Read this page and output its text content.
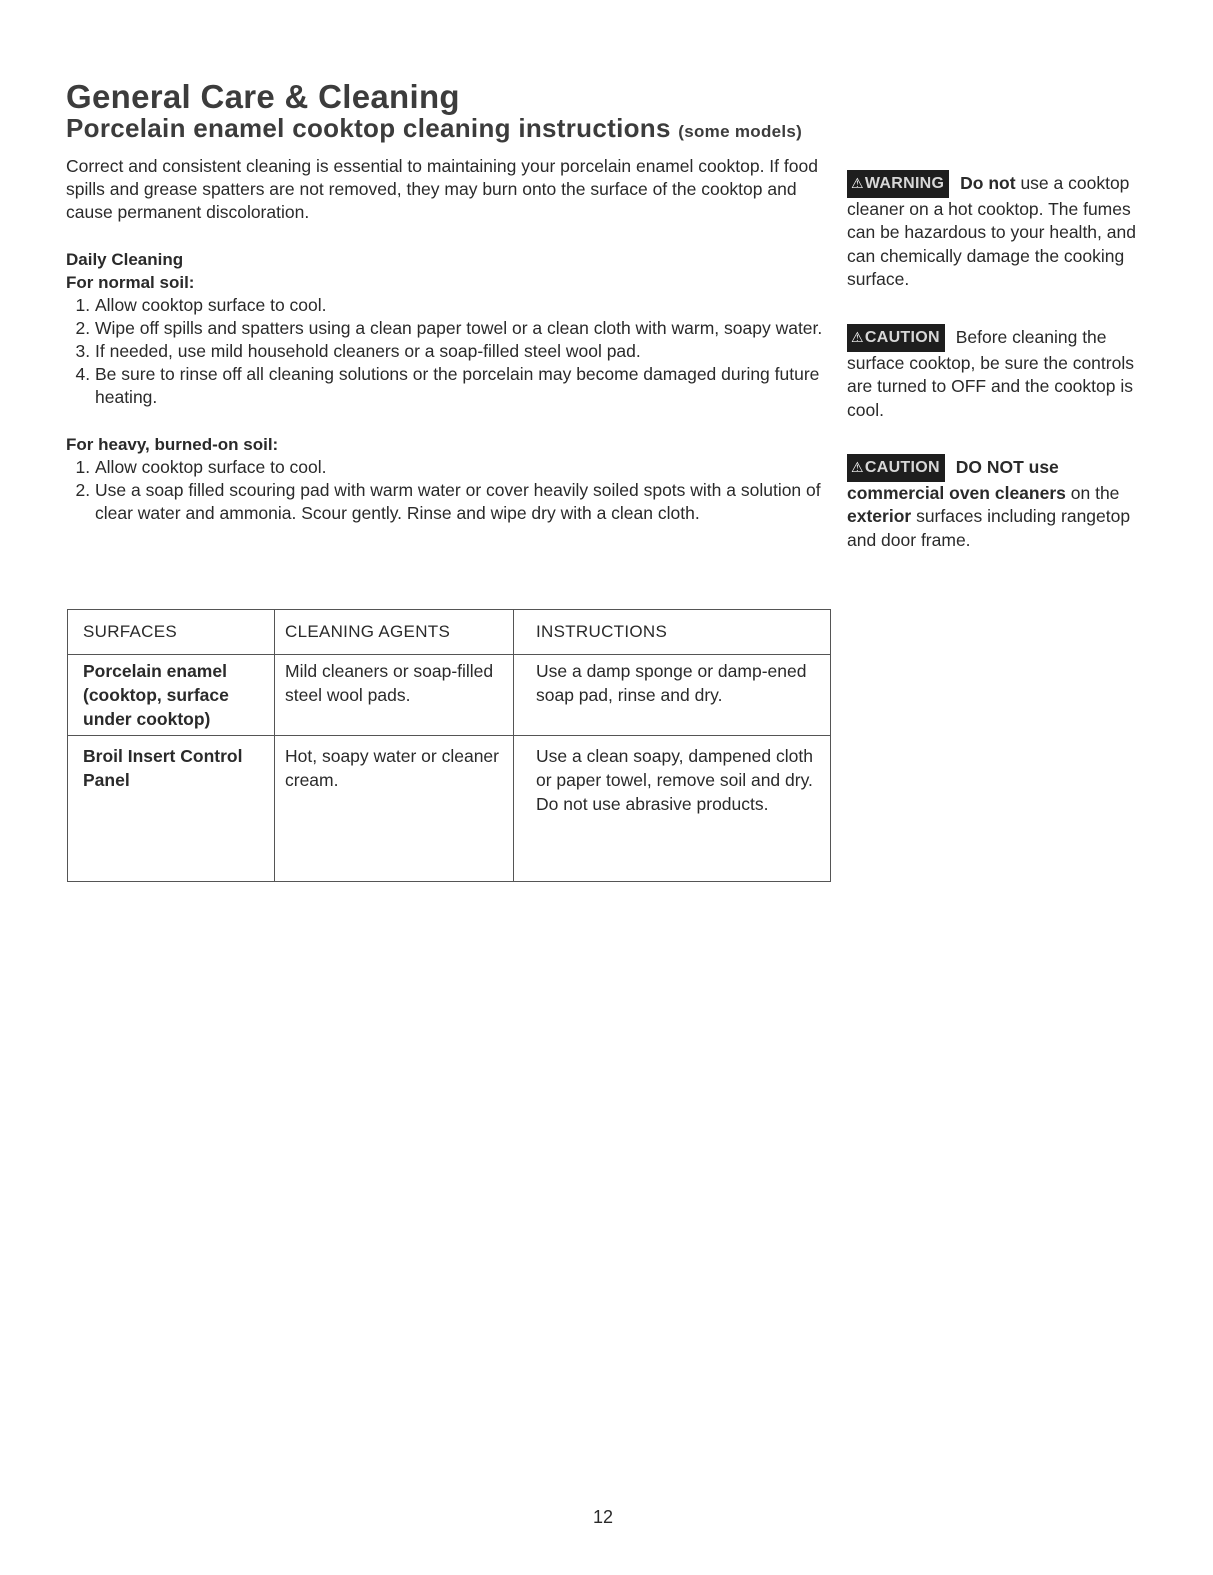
General Care & Cleaning
Porcelain enamel cooktop cleaning instructions (some models)

Correct and consistent cleaning is essential to maintaining your porcelain enamel cooktop. If food spills and grease spatters are not removed, they may burn onto the surface of the cooktop and cause permanent discoloration.

Daily Cleaning
For normal soil:
1. Allow cooktop surface to cool.
2. Wipe off spills and spatters using a clean paper towel or a clean cloth with warm, soapy water.
3. If needed, use mild household cleaners or a soap-filled steel wool pad.
4. Be sure to rinse off all cleaning solutions or the porcelain may become damaged during future heating.
For heavy, burned-on soil:
1. Allow cooktop surface to cool.
2. Use a soap filled scouring pad with warm water or cover heavily soiled spots with a solution of clear water and ammonia. Scour gently. Rinse and wipe dry with a clean cloth.
⚠WARNING Do not use a cooktop cleaner on a hot cooktop. The fumes can be hazardous to your health, and can chemically damage the cooking surface.
⚠CAUTION Before cleaning the surface cooktop, be sure the controls are turned to OFF and the cooktop is cool.
⚠CAUTION DO NOT use commercial oven cleaners on the exterior surfaces including rangetop and door frame.
SURFACES	CLEANING AGENTS	INSTRUCTIONS
Porcelain enamel (cooktop, surface under cooktop)	Mild cleaners or soap-filled steel wool pads.	Use a damp sponge or damp-ened soap pad, rinse and dry.
Broil Insert Control Panel	Hot, soapy water or cleaner cream.	Use a clean soapy, dampened cloth or paper towel, remove soil and dry. Do not use abrasive products.
12
